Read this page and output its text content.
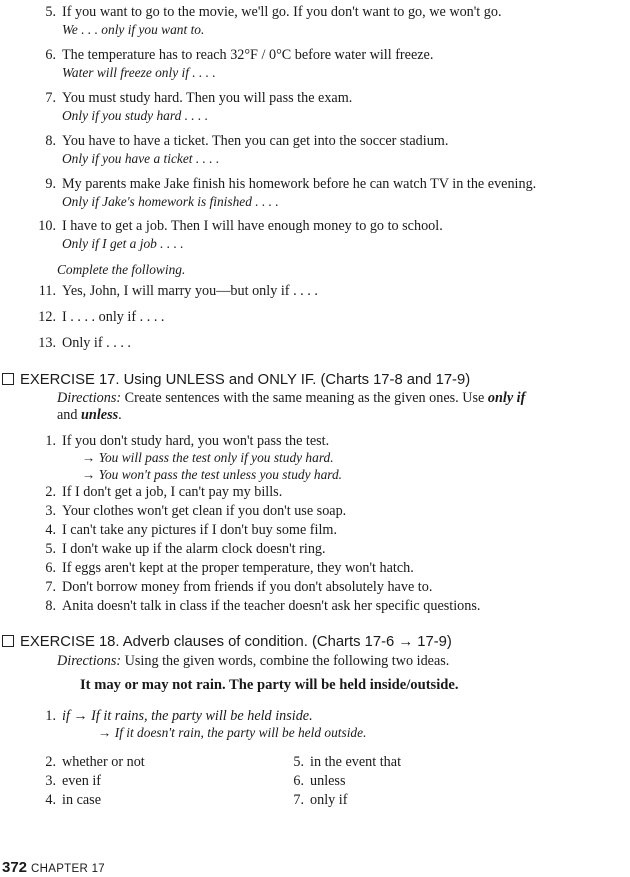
5. If you want to go to the movie, we'll go. If you don't want to go, we won't go.
We . . . only if you want to.
6. The temperature has to reach 32°F / 0°C before water will freeze.
Water will freeze only if . . . .
7. You must study hard. Then you will pass the exam.
Only if you study hard . . . .
8. You have to have a ticket. Then you can get into the soccer stadium.
Only if you have a ticket . . . .
9. My parents make Jake finish his homework before he can watch TV in the evening.
Only if Jake's homework is finished . . . .
10. I have to get a job. Then I will have enough money to go to school.
Only if I get a job . . . .
Complete the following.
11. Yes, John, I will marry you—but only if . . . .
12. I . . . . only if . . . .
13. Only if . . . .
EXERCISE 17. Using UNLESS and ONLY IF. (Charts 17-8 and 17-9)
Directions: Create sentences with the same meaning as the given ones. Use only if
and unless.
1. If you don't study hard, you won't pass the test.
→ You will pass the test only if you study hard.
→ You won't pass the test unless you study hard.
2. If I don't get a job, I can't pay my bills.
3. Your clothes won't get clean if you don't use soap.
4. I can't take any pictures if I don't buy some film.
5. I don't wake up if the alarm clock doesn't ring.
6. If eggs aren't kept at the proper temperature, they won't hatch.
7. Don't borrow money from friends if you don't absolutely have to.
8. Anita doesn't talk in class if the teacher doesn't ask her specific questions.
EXERCISE 18. Adverb clauses of condition. (Charts 17-6 → 17-9)
Directions: Using the given words, combine the following two ideas.
It may or may not rain. The party will be held inside/outside.
1. if → If it rains, the party will be held inside.
→ If it doesn't rain, the party will be held outside.
2. whether or not
3. even if
4. in case
5. in the event that
6. unless
7. only if
372 CHAPTER 17
